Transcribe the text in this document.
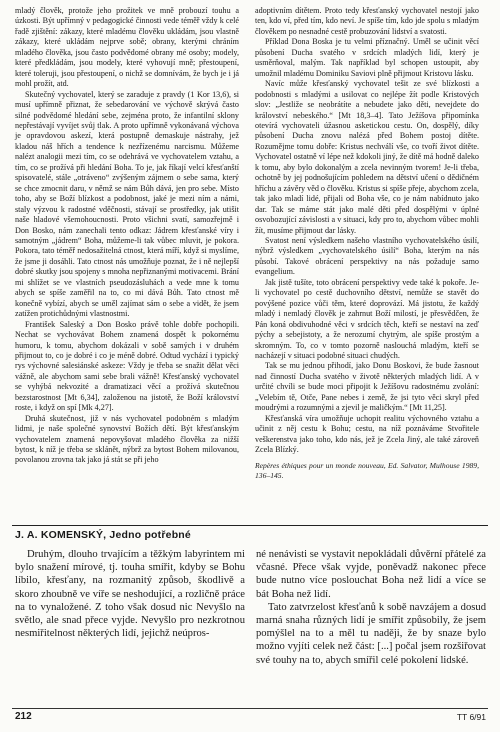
mladý člověk, protože jeho prožitek ve mně probouzí touhu a úzkosti. Být upřímný v pedagogické činnosti vede téměř vždy k celé řadě zjištění: zákazy, které mladému člověku ukládám, jsou vlastně zákazy, které ukládám nejprve sobě; obrany, kterými chráním mladého člověka, jsou často podvědomé obrany mé osoby; modely, které předkládám, jsou modely, které vyhovují mně; přestoupení, které toleruji, jsou přestoupení, o nichž se domnívám, že bych je i já mohl prožít, atd.

Skutečný vychovatel, který se zaraduje z pravdy (1 Kor 13,6), si musí upřímně přiznat, že sebedarování ve výchově skrývá často silné podvědomé hledání sebe, zejména proto, že infantilní sklony nepřestávají vyvíjet svůj tlak. A proto upřímně vykonávaná výchova je opravdovou askezí, která postupně demaskuje nástrahy, jež kladou náš hřích a tendence k nezřízenému narcismu. Můžeme nalézt analogii mezi tím, co se odehrává ve vychovatelem vztahu, a tím, co se prožívá při hledání Boha. To je, jak říkají velcí křesťanští spisovatelé, stále „otráveno“ zvýšeným zájmem o sebe sama, který se chce zmocnit daru, v němž se nám Bůh dává, jen pro sebe. Místo toho, aby se Boží blízkost a podobnost, jaké je mezi ním a námi, staly výzvou k radostné vděčnosti, stávají se prostředky, jak utišit naše hladové všemohoucnosti. Proto všichni svatí, samozřejmě i Don Bosko, nám zanechali tento odkaz: Jádrem křesťanské víry i samotným „jádrem“ Boha, můžeme-li tak vůbec mluvit, je pokora. Pokora, tato téměř nedosažitelná ctnost, která míří, když si myslíme, že jsme ji dosáhli. Tato ctnost nás umožňuje poznat, že i ně nejlepší dobré skutky jsou spojeny s mnoha nepřiznanými motivacemi. Brání mi shlížet se ve vlastních pseudozásluhách a vede mne k tomu abych se spíše zaměřil na to, co mi dává Bůh. Tato ctnost mě konečně vybízí, abych se uměl zajímat sám o sebe a vidět, že jsem zatížen protichůdnými vlastnostmi.

František Saleský a Don Bosko právě tohle dobře pochopili. Nechat se vychovávat Bohem znamená dospět k pokornému humoru, k tomu, abychom dokázali v sobě samých i v druhém přijmout to, co je dobré i co je méně dobré. Odtud vychází i typický rys výchovné salesiánské askeze: Vždy je třeba se snažit dělat věci vážně, ale abychom sami sebe brali vážně! Křesťanský vychovatel se vyhýbá nekvozité a dramatizaci věcí a prožívá skutečnou bezstarostnost [Mt 6,34], založenou na jistotě, že Boží království roste, i když on spí [Mk 4,27].

Druhá skutečnost, již v nás vychovatel podobném s mladým lidmi, je naše společné synovství Božích dětí. Být křesťanským vychovatelem znamená nepovyšovat mladého člověka za nižší bytost, k níž je třeba se sklánět, nýbrž za bytost Bohem milovanou, povolanou zrovna tak jako já stát se při jeho

adoptivním dítětem. Proto tedy křesťanský vychovatel nestojí jako ten, kdo ví, před tím, kdo neví. Je spíše tím, kdo jde spolu s mladým člověkem po nesnadné cestě probuzování lidství a svatosti.

Příklad Dona Boska je tu velmi příznačný. Uměl se učinit věcí působení Ducha svatého v srdcích mladých lidí, který je usměrňoval, malým. Tak například byl schopen ustoupit, aby umožnil mladému Dominiku Saviovi plně přijmout Kristovu lásku.

Navíc může křesťanský vychovatel tešit ze své blízkosti a podobnosti s mladými a usilovat co nejlépe žít podle Kristových slov: „Jestliže se neobrátíte a nebudete jako děti, nevejdete do království nebeského.“ [Mt 18,3–4]. Tato Ježíšova připomínka otevírá vychovateli úžasnou asketickou cestu. On, dospělý, díky působení Ducha znovu nalézá před Bohem postoj dítěte. Rozumějme tomu dobře: Kristus nechválí vše, co tvoří život dítěte. Vychovatel ostatně ví lépe než kdokoli jiný, že dítě má hodně daleko k tomu, aby bylo dokonalým a zcela nevinným tvorem! Je-li třeba, ochotně by jej podnošujícím pohledem na dětství učení o dědičném hříchu a závěry věd o člověku. Kristus si spíše přeje, abychom zcela, tak jako mladí lidé, přijali od Boha vše, co je nám nabídnuto jako dar. Tak se máme stát jako malé děti před dospělými v úplné osvobozující závislosti a v situaci, kdy pro to, abychom vůbec mohli žít, musíme přijmout dar lásky.

Svatost není výsledkem našeho vlastního vychovatelského úsilí, nýbrž výsledkem „vychovatelského úsilí“ Boha, kterým na nás působí. Takové obrácení perspektivy na nás požaduje samo evangelium.

Jak jistě tušíte, toto obrácení perspektivy vede také k pokoře. Je-li vychovatel po cestě duchovního dětství, nemůže se stavět do povýšené pozice vůči těm, které doprovází. Má jistotu, že každý mladý i nemladý člověk je zahrnut Boží milostí, je přesvědčen, že Pán koná obdivuhodné věci v srdcích těch, kteří se nestaví na zeď pýchy a sebejistoty, a že nerozumí chytrým, ale spíše prostým a skromným. To, co v tomto pozorně naslouchá mladým, kteří se nacházejí v situaci podobné situaci chudých.

Tak se mu jednou přihodí, jako Donu Boskovi, že bude žasnout nad činností Ducha svatého v životě některých mladých lidí. A v určité chvíli se bude moci připojit k Ježíšovu radostnému zvolání: „Velebím tě, Otče, Pane nebes i země, že jsi tyto věci skryl před moudrými a rozumnými a zjevil je maličkým.“ [Mt 11,25].

Křesťanská víra umožňuje uchopit realitu výchovného vztahu a učinit z něj cestu k Bohu; cestu, na níž poznáváme Stvořitele veškerenstva jako toho, kdo nás, jež je Zcela Jiný, ale také zároveň Zcela Blízký.

Repères éthiques pour un monde nouveau, Ed. Salvator, Mulhouse 1989, 136–145.

J. A. KOMENSKÝ, Jedno potřebné

Druhým, dlouho trvajícím a těžkým labyrintem mi bylo snažení mírové, tj. touha smířit, kdyby se Bohu líbilo, křesťany, na rozmanitý způsob, škodlivě a skoro zhoubně ve víře se neshodující, a rozličně práce na to vynaložené. Z toho však dosud nic Nevyšlo na světlo, ale snad přece vyjde. Nevyšlo pro nezkrotnou nesmiřitelnost některých lidí, jejichž neúpros-

né nenávisti se vystavit nepokládali důvěrní přátelé za včasné. Přece však vyjde, poněvadž nakonec přece bude nutno více poslouchat Boha než lidí a více se bát Boha než lidí.

Tato zatvrzelost křesťanů k sobě navzájem a dosud marná snaha různých lidí je smířit způsobily, že jsem pomýšlel na to a měl tu naději, že by snaze bylo možno vyjíti celek než část: [...] počal jsem rozšiřovat své touhy na to, abych smířil celé pokolení lidské.

212	TT 6/91
